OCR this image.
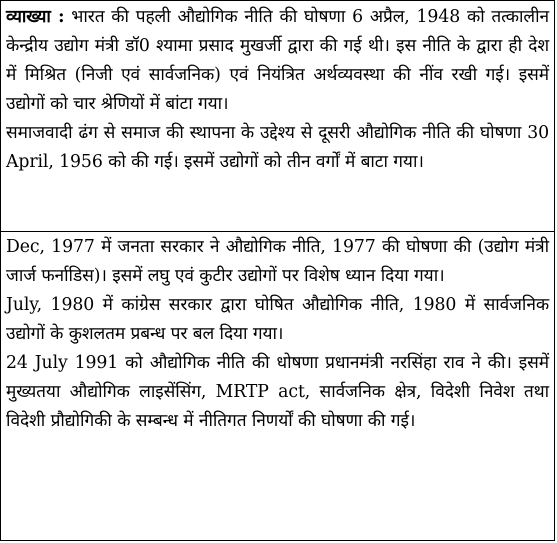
व्याख्या : भारत की पहली औद्योगिक नीति की घोषणा 6 अप्रैल, 1948 को तत्कालीन केन्द्रीय उद्योग मंत्री डॉ0 श्यामा प्रसाद मुखर्जी द्वारा की गई थी। इस नीति के द्वारा ही देश में मिश्रित (निजी एवं सार्वजनिक) एवं नियंत्रित अर्थव्यवस्था की नींव रखी गई। इसमें उद्योगों को चार श्रेणियों में बांटा गया।

समाजवादी ढंग से समाज की स्थापना के उद्देश्य से दूसरी औद्योगिक नीति की घोषणा 30 April, 1956 को की गई। इसमें उद्योगों को तीन वर्गों में बाटा गया।

Dec, 1977 में जनता सरकार ने औद्योगिक नीति, 1977 की घोषणा की (उद्योग मंत्री जार्ज फर्नाडिस)। इसमें लघु एवं कुटीर उद्योगों पर विशेष ध्यान दिया गया।

July, 1980 में कांग्रेस सरकार द्वारा घोषित औद्योगिक नीति, 1980 में सार्वजनिक उद्योगों के कुशलतम प्रबन्ध पर बल दिया गया।

24 July 1991 को औद्योगिक नीति की धोषणा प्रधानमंत्री नरसिंहा राव ने की। इसमें मुख्यतया औद्योगिक लाइसेंसिंग, MRTP act, सार्वजनिक क्षेत्र, विदेशी निवेश तथा विदेशी प्रौद्योगिकी के सम्बन्ध में नीतिगत निणर्यों की घोषणा की गई।
